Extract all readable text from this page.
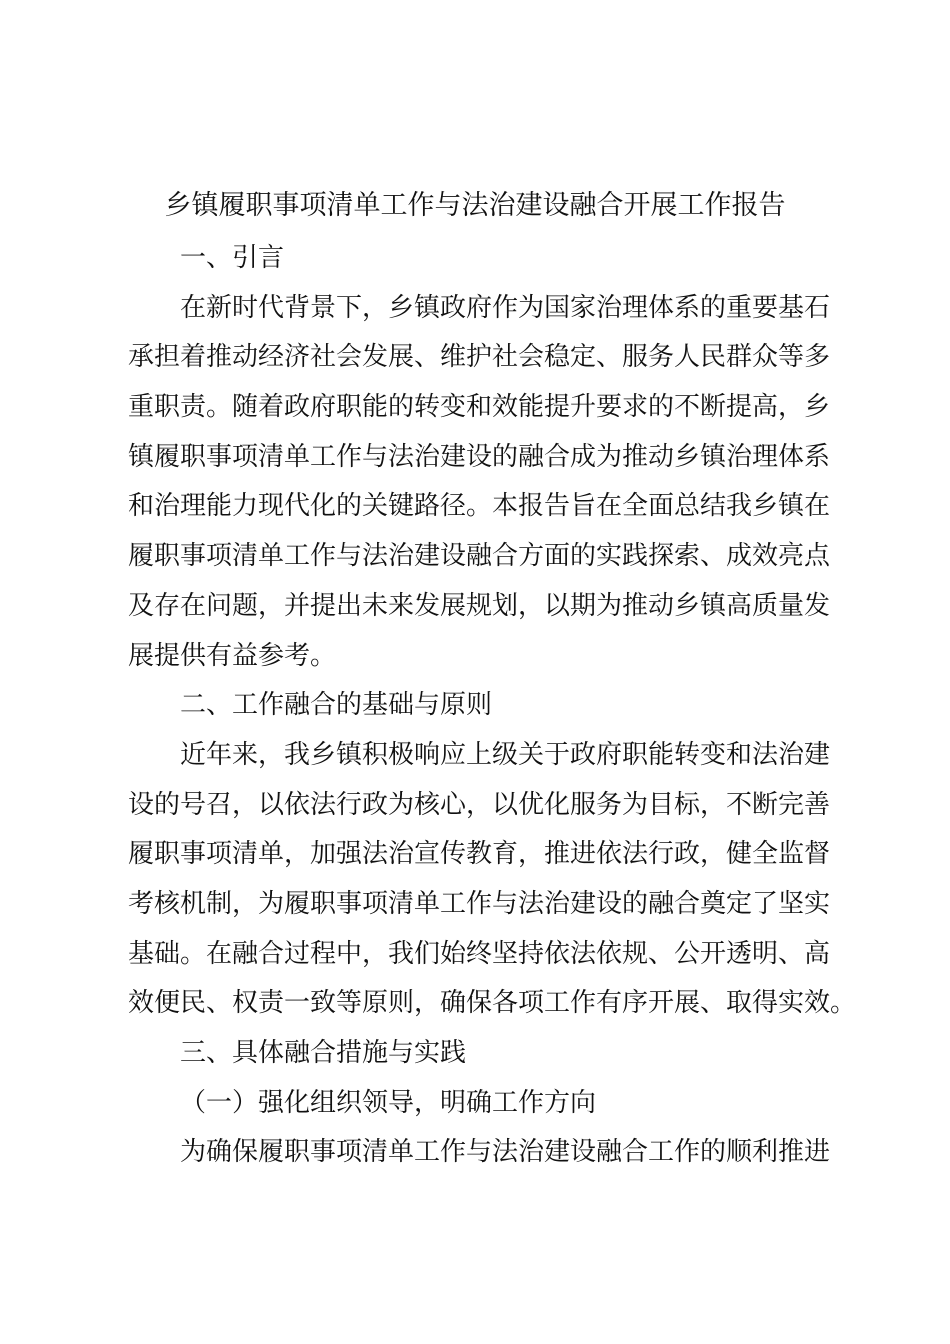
乡镇履职事项清单工作与法治建设融合开展工作报告
一、引言
在新时代背景下，乡镇政府作为国家治理体系的重要基石
承担着推动经济社会发展、维护社会稳定、服务人民群众等多
重职责。随着政府职能的转变和效能提升要求的不断提高，乡
镇履职事项清单工作与法治建设的融合成为推动乡镇治理体系
和治理能力现代化的关键路径。本报告旨在全面总结我乡镇在
履职事项清单工作与法治建设融合方面的实践探索、成效亮点
及存在问题，并提出未来发展规划，以期为推动乡镇高质量发
展提供有益参考。
二、工作融合的基础与原则
近年来，我乡镇积极响应上级关于政府职能转变和法治建
设的号召，以依法行政为核心，以优化服务为目标，不断完善
履职事项清单，加强法治宣传教育，推进依法行政，健全监督
考核机制，为履职事项清单工作与法治建设的融合奠定了坚实
基础。在融合过程中，我们始终坚持依法依规、公开透明、高
效便民、权责一致等原则，确保各项工作有序开展、取得实效。
三、具体融合措施与实践
（一）强化组织领导，明确工作方向
为确保履职事项清单工作与法治建设融合工作的顺利推进
